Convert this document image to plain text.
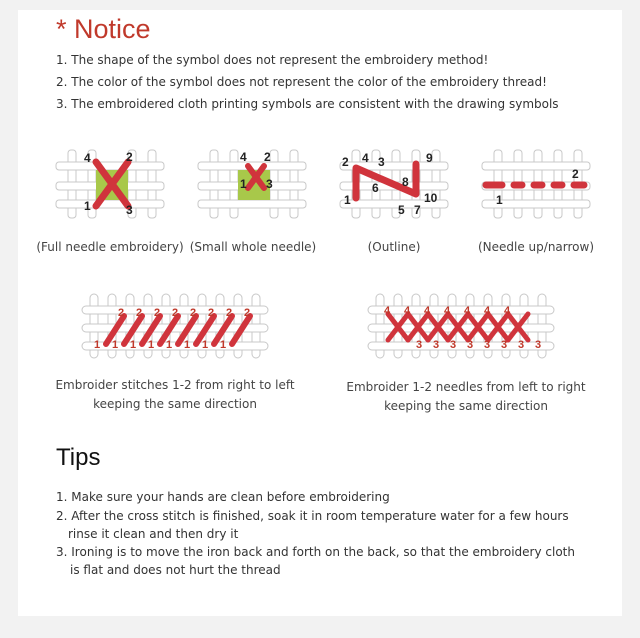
* Notice
1. The shape of the symbol does not represent the embroidery method!
2. The color of the symbol does not represent the color of the embroidery thread!
3. The embroidered cloth printing symbols are consistent with the drawing symbols
4	2
1	3
(Full needle embroidery)
4 2
1 3
(Small whole needle)
2 4 3	9
6 8
1
5 7
10
(Outline)
2
1
(Needle up/narrow)
2 2 2 2 2 2 2 2
1 1 1 1 1 1 1 1
Embroider stitches 1-2 from right to left keeping the same direction
4 4 4 4 4 4 4
3 3 3 3 3 3 3 3
Embroider 1-2 needles from left to right keeping the same direction
Tips
1. Make sure your hands are clean before embroidering
2. After the cross stitch is finished, soak it in room temperature water for a few hours
rinse it clean and then dry it
3. Ironing is to move the iron back and forth on the back, so that the embroidery cloth
is flat and does not hurt the thread
